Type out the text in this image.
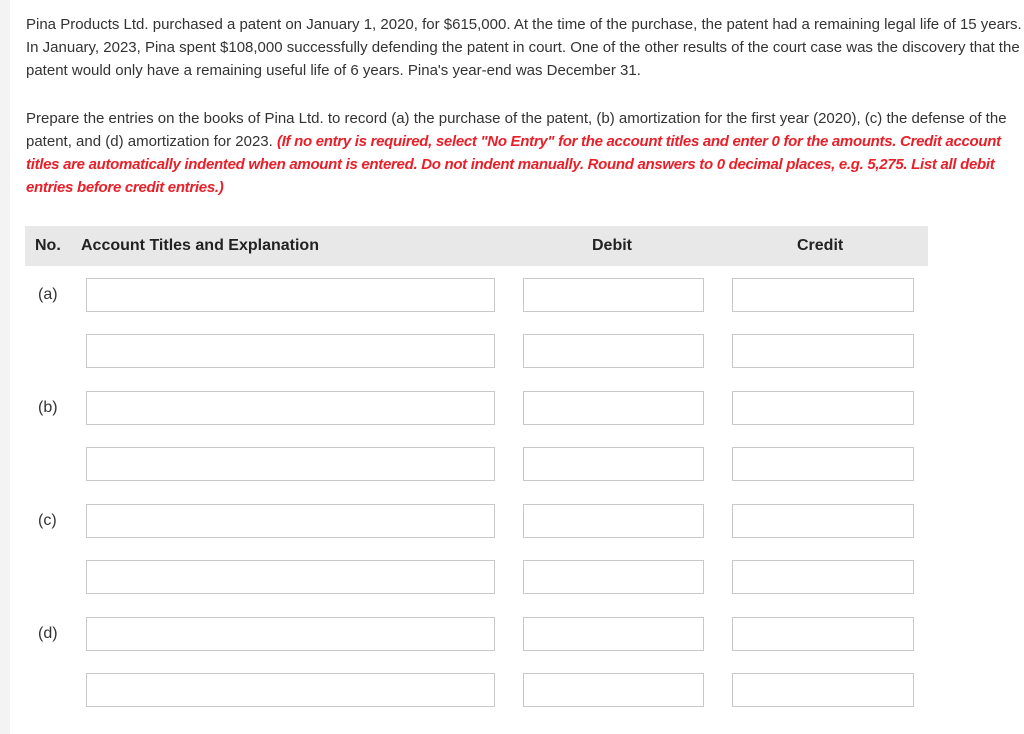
Pina Products Ltd. purchased a patent on January 1, 2020, for $615,000. At the time of the purchase, the patent had a remaining legal life of 15 years. In January, 2023, Pina spent $108,000 successfully defending the patent in court. One of the other results of the court case was the discovery that the patent would only have a remaining useful life of 6 years. Pina's year-end was December 31.
Prepare the entries on the books of Pina Ltd. to record (a) the purchase of the patent, (b) amortization for the first year (2020), (c) the defense of the patent, and (d) amortization for 2023. (If no entry is required, select "No Entry" for the account titles and enter 0 for the amounts. Credit account titles are automatically indented when amount is entered. Do not indent manually. Round answers to 0 decimal places, e.g. 5,275. List all debit entries before credit entries.)
No. Account Titles and Explanation	Debit	Credit
(a)
(b)
(c)
(d)
